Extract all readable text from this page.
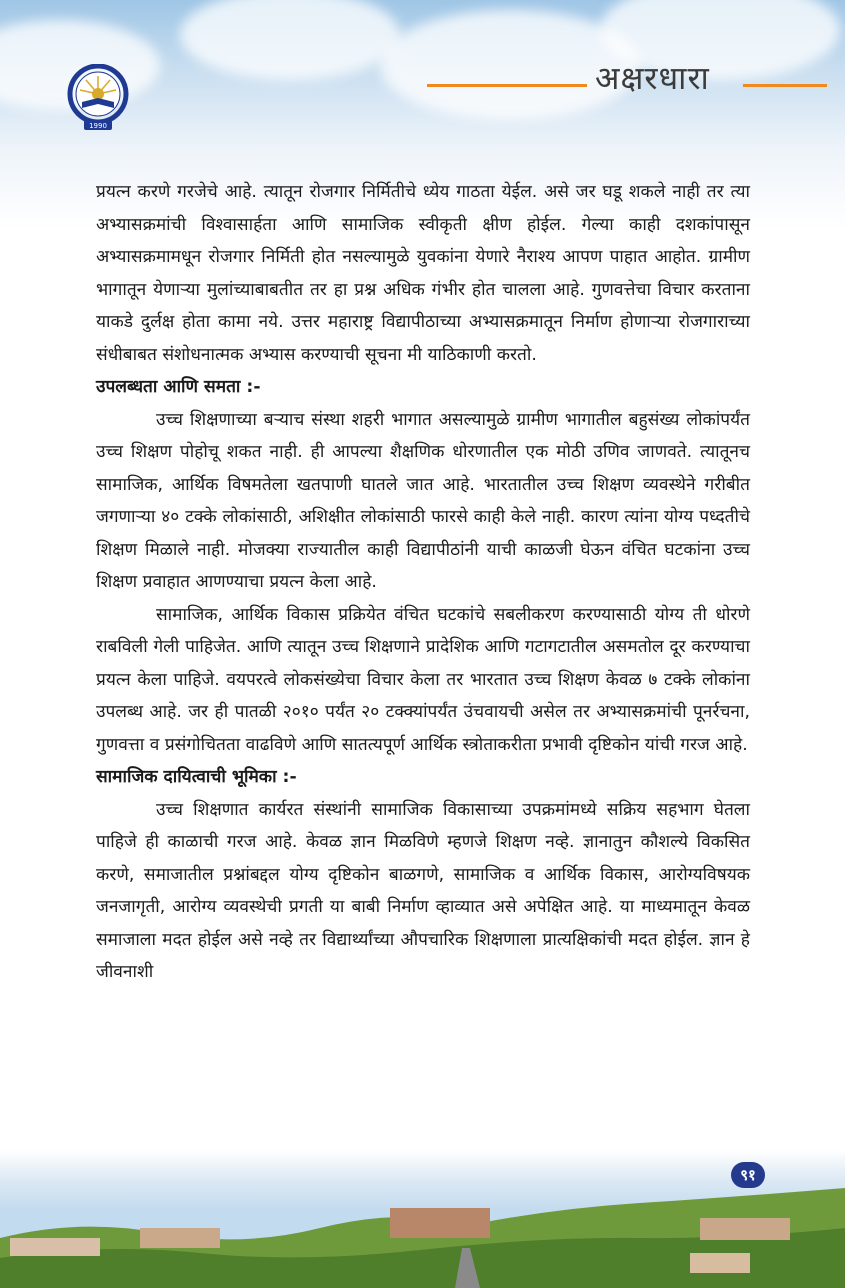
1990
अक्षरधारा

प्रयत्न करणे गरजेचे आहे. त्यातून रोजगार निर्मितीचे ध्येय गाठता येईल. असे जर घडू शकले नाही तर त्या अभ्यासक्रमांची विश्वासार्हता आणि सामाजिक स्वीकृती क्षीण होईल. गेल्या काही दशकांपासून अभ्यासक्रमामधून रोजगार निर्मिती होत नसल्यामुळे युवकांना येणारे नैराश्य आपण पाहात आहोत. ग्रामीण भागातून येणाऱ्या मुलांच्याबाबतीत तर हा प्रश्न अधिक गंभीर होत चालला आहे. गुणवत्तेचा विचार करताना याकडे दुर्लक्ष होता कामा नये. उत्तर महाराष्ट्र विद्यापीठाच्या अभ्यासक्रमातून निर्माण होणाऱ्या रोजगाराच्या संधीबाबत संशोधनात्मक अभ्यास करण्याची सूचना मी याठिकाणी करतो.

उपलब्धता आणि समता :-

उच्च शिक्षणाच्या बऱ्याच संस्था शहरी भागात असल्यामुळे ग्रामीण भागातील बहुसंख्य लोकांपर्यंत उच्च शिक्षण पोहोचू शकत नाही. ही आपल्या शैक्षणिक धोरणातील एक मोठी उणिव जाणवते. त्यातूनच सामाजिक, आर्थिक विषमतेला खतपाणी घातले जात आहे. भारतातील उच्च शिक्षण व्यवस्थेने गरीबीत जगणाऱ्या ४० टक्के लोकांसाठी, अशिक्षीत लोकांसाठी फारसे काही केले नाही. कारण त्यांना योग्य पध्दतीचे शिक्षण मिळाले नाही. मोजक्या राज्यातील काही विद्यापीठांनी याची काळजी घेऊन वंचित घटकांना उच्च शिक्षण प्रवाहात आणण्याचा प्रयत्न केला आहे.

सामाजिक, आर्थिक विकास प्रक्रियेत वंचित घटकांचे सबलीकरण करण्यासाठी योग्य ती धोरणे राबविली गेली पाहिजेत. आणि त्यातून उच्च शिक्षणाने प्रादेशिक आणि गटागटातील असमतोल दूर करण्याचा प्रयत्न केला पाहिजे. वयपरत्वे लोकसंख्येचा विचार केला तर भारतात उच्च शिक्षण केवळ ७ टक्के लोकांना उपलब्ध आहे. जर ही पातळी २०१० पर्यंत २० टक्क्यांपर्यंत उंचवायची असेल तर अभ्यासक्रमांची पूनर्रचना, गुणवत्ता व प्रसंगोचितता वाढविणे आणि सातत्यपूर्ण आर्थिक स्त्रोताकरीता प्रभावी दृष्टिकोन यांची गरज आहे.

सामाजिक दायित्वाची भूमिका :-

उच्च शिक्षणात कार्यरत संस्थांनी सामाजिक विकासाच्या उपक्रमांमध्ये सक्रिय सहभाग घेतला पाहिजे ही काळाची गरज आहे. केवळ ज्ञान मिळविणे म्हणजे शिक्षण नव्हे. ज्ञानातुन कौशल्ये विकसित करणे, समाजातील प्रश्नांबद्दल योग्य दृष्टिकोन बाळगणे, सामाजिक व आर्थिक विकास, आरोग्यविषयक जनजागृती, आरोग्य व्यवस्थेची प्रगती या बाबी निर्माण व्हाव्यात असे अपेक्षित आहे. या माध्यमातून केवळ समाजाला मदत होईल असे नव्हे तर विद्यार्थ्यांच्या औपचारिक शिक्षणाला प्रात्यक्षिकांची मदत होईल. ज्ञान हे जीवनाशी

९१
